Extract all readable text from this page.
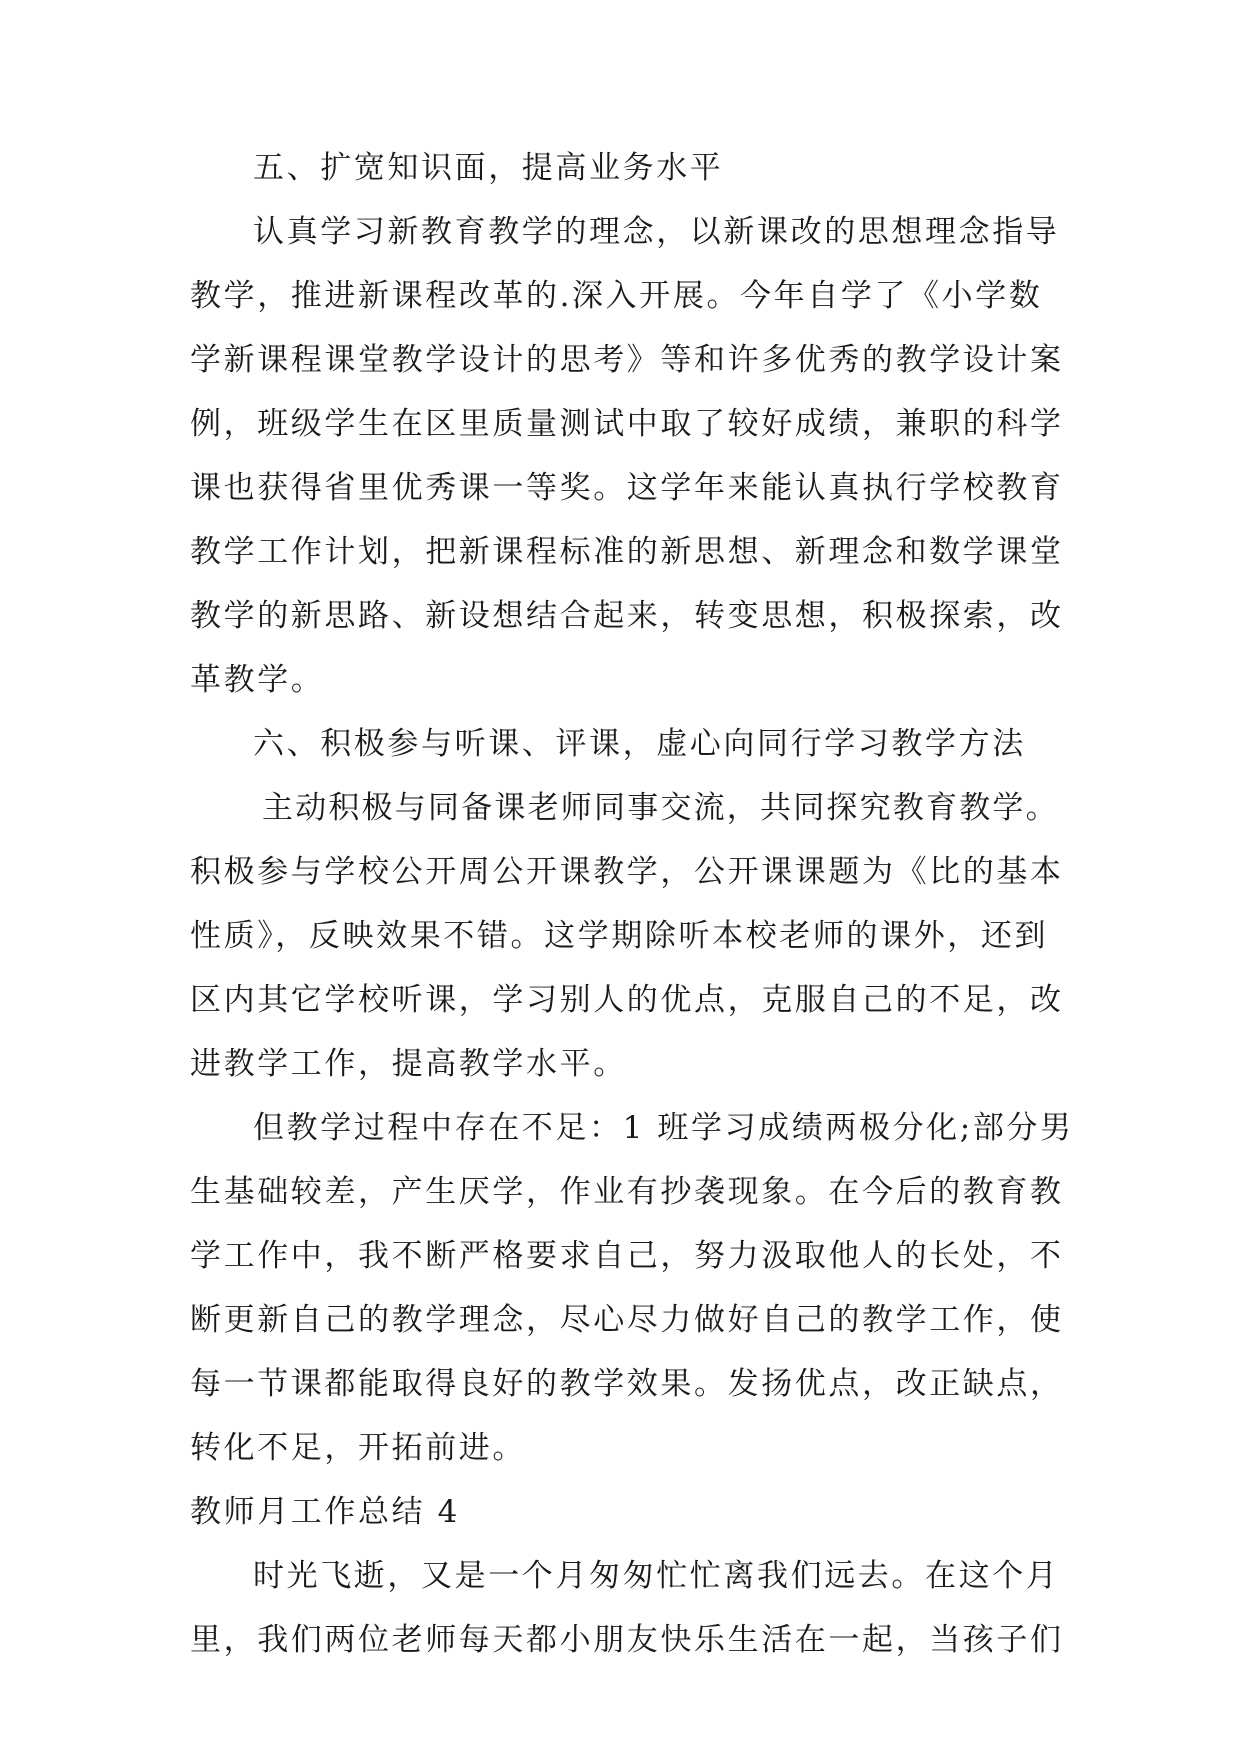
五、扩宽知识面，提高业务水平
认真学习新教育教学的理念，以新课改的思想理念指导
教学，推进新课程改革的.深入开展。今年自学了《小学数
学新课程课堂教学设计的思考》等和许多优秀的教学设计案
例，班级学生在区里质量测试中取了较好成绩，兼职的科学
课也获得省里优秀课一等奖。这学年来能认真执行学校教育
教学工作计划，把新课程标准的新思想、新理念和数学课堂
教学的新思路、新设想结合起来，转变思想，积极探索，改
革教学。
六、积极参与听课、评课，虚心向同行学习教学方法
主动积极与同备课老师同事交流，共同探究教育教学。
积极参与学校公开周公开课教学，公开课课题为《比的基本
性质》，反映效果不错。这学期除听本校老师的课外，还到
区内其它学校听课，学习别人的优点，克服自己的不足，改
进教学工作，提高教学水平。
但教学过程中存在不足：1 班学习成绩两极分化;部分男
生基础较差，产生厌学，作业有抄袭现象。在今后的教育教
学工作中，我不断严格要求自己，努力汲取他人的长处，不
断更新自己的教学理念，尽心尽力做好自己的教学工作，使
每一节课都能取得良好的教学效果。发扬优点，改正缺点，
转化不足，开拓前进。
教师月工作总结 4
时光飞逝，又是一个月匆匆忙忙离我们远去。在这个月
里，我们两位老师每天都小朋友快乐生活在一起，当孩子们
